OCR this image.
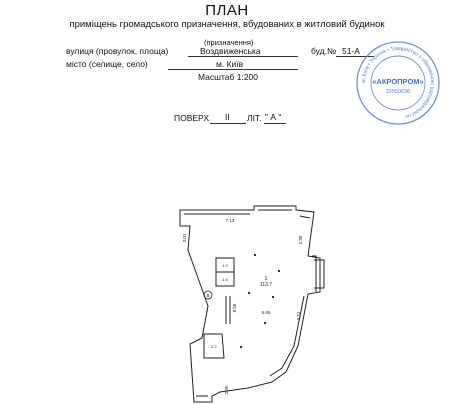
ПЛАН
приміщень громадського призначення, вбудованих в житловий будинок
(призначення)
вулиця (провулок, площа)	Воздвиженська	буд.№ 51-А
місто (селище, село)	м. Київ
Масштаб 1:200
ПОВЕРХ ІІ ЛІТ. " А "
м. Київ • Україна • Товариство з обмеженою відповідальністю
«АКРОПРОМ»
33550636
В
1
113.7
7.13
3.01	2.36
6.86
8.56
3.72
2.95
1.9
1.5
2.2
